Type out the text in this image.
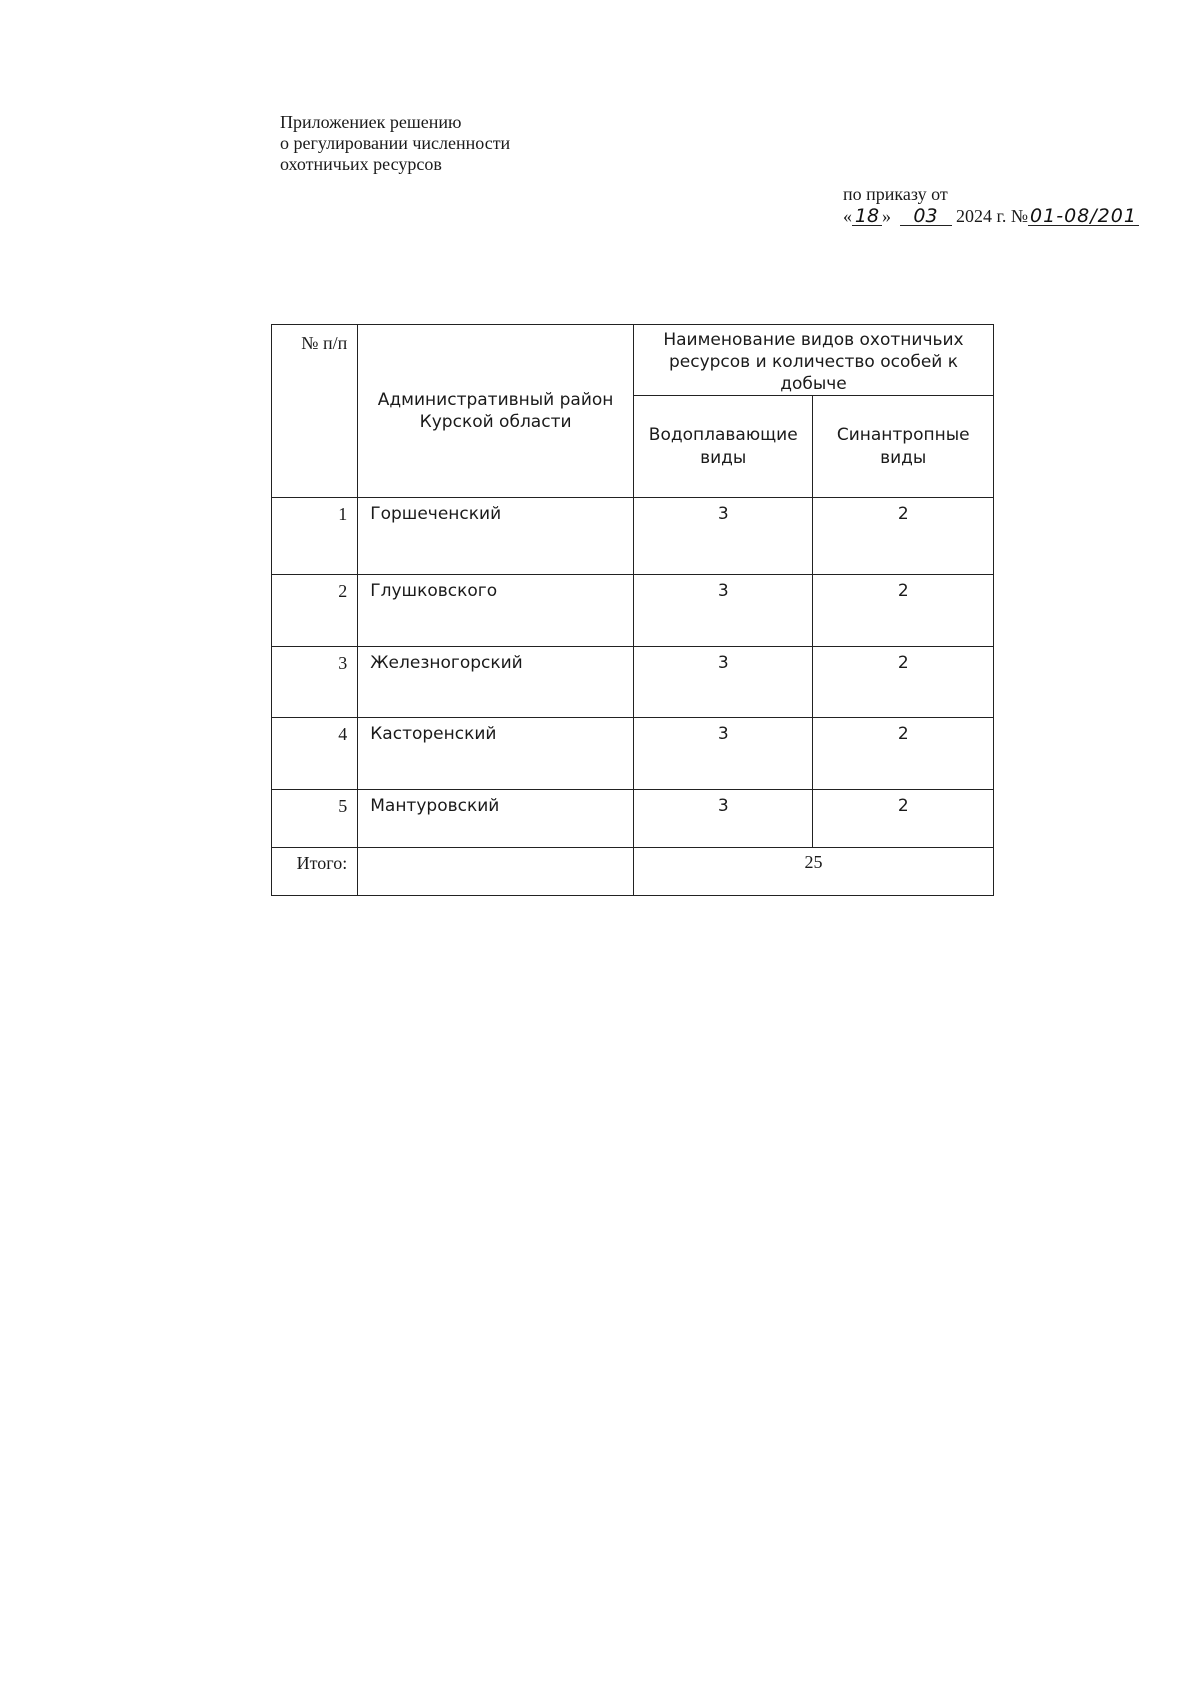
Приложениек решению
о регулировании численности
охотничьих ресурсов
по приказу от
« 18 » 03 2024 г. № 01-08/201
№ п/п	Административный район Курской области	Наименование видов охотничьих ресурсов и количество особей к добыче	
		Водоплавающие виды	Синантропные виды
1	Горшеченский	3	2
2	Глушковского	3	2
3	Железногорский	3	2
4	Касторенский	3	2
5	Мантуровский	3	2
Итого:		25	
